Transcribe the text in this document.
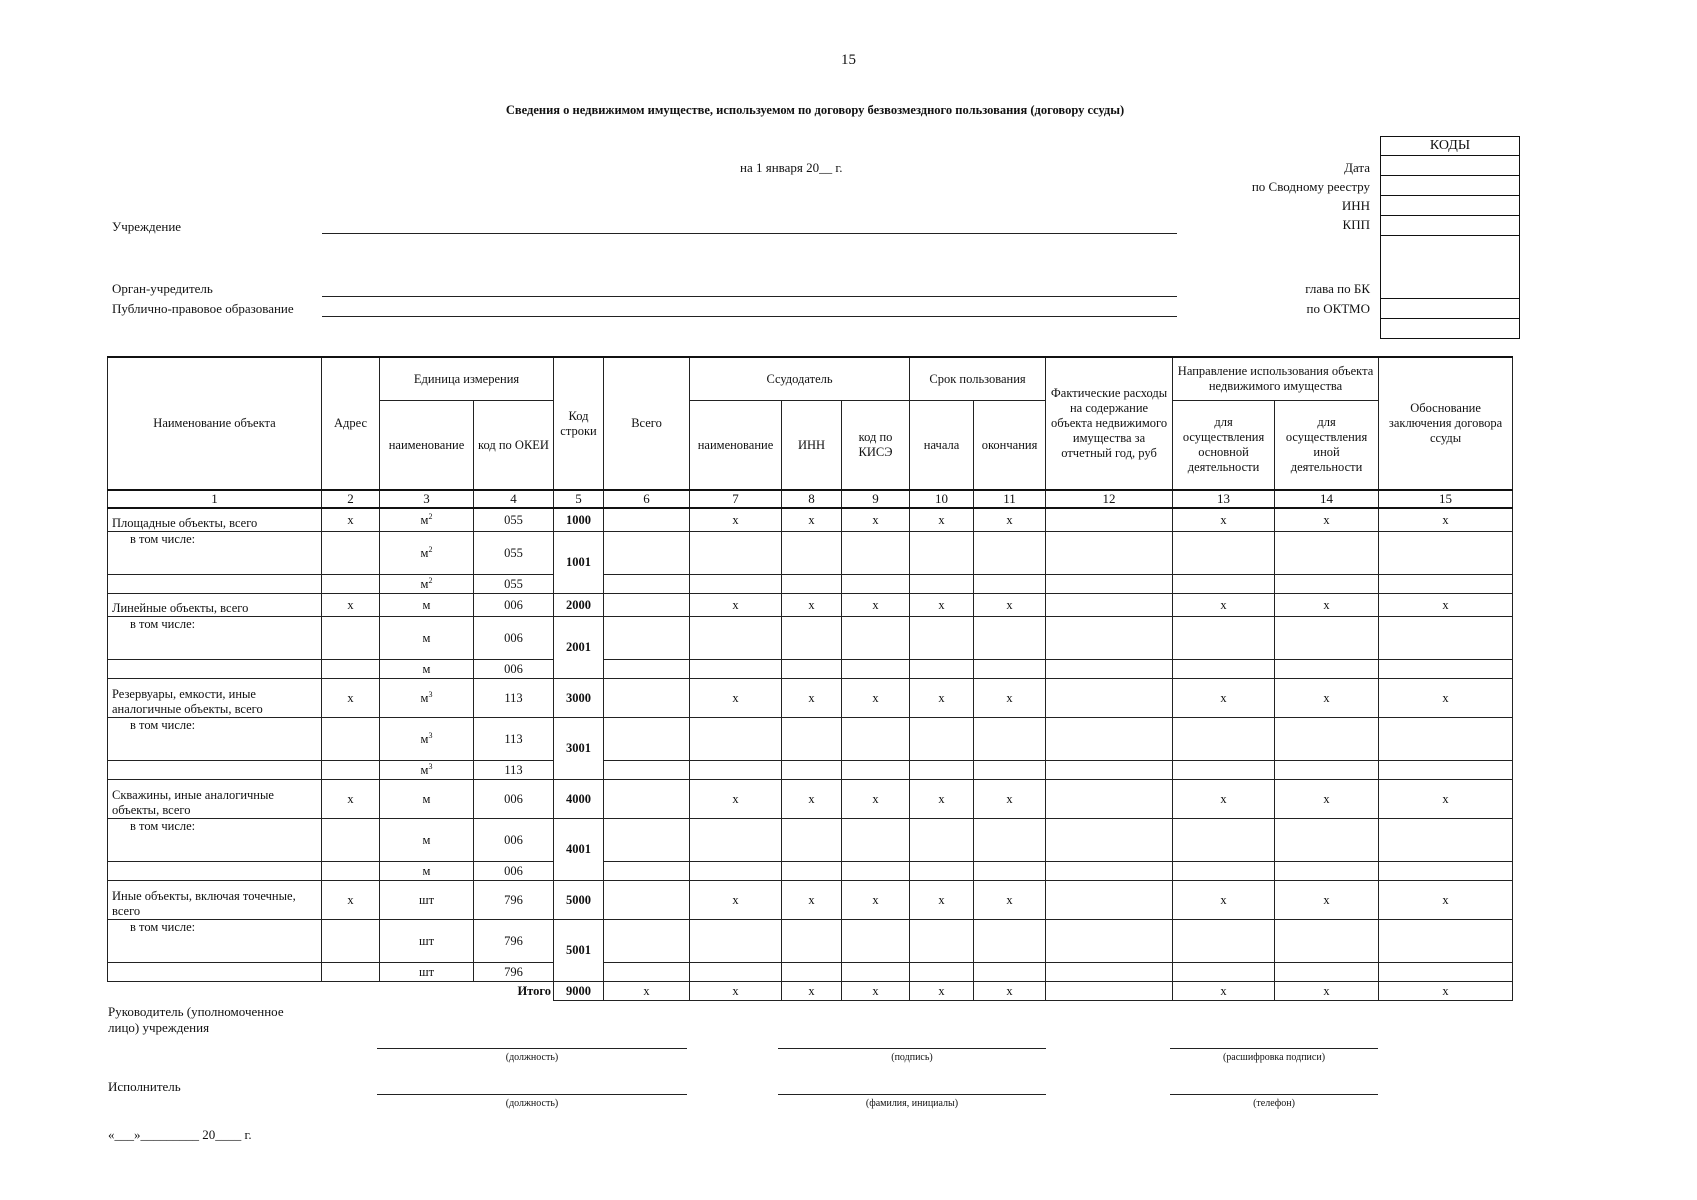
15
Сведения о недвижимом имуществе, используемом по договору безвозмездного пользования (договору ссуды)
на 1 января 20__ г.
Учреждение
Орган-учредитель
Публично-правовое образование
Дата
по Сводному реестру
ИНН
КПП
глава по БК
по ОКТМО
КОДЫ
Наименование объекта	Адрес	Единица измерения		Код строки	Всего	Ссудодатель			Срок пользования		Фактические расходы на содержание объекта недвижимого имущества за отчетный год, руб	Направление использования объекта недвижимого имущества		Обоснование заключения договора ссуды
		наименование	код по ОКЕИ			наименование	ИНН	код по КИСЭ	начала	окончания		для осуществления основной деятельности	для осуществления иной деятельности	
1	2	3	4	5	6	7	8	9	10	11	12	13	14	15
Площадные объекты, всего	x	$м^2$	055	1000		x	x	x	x	x		x	x	x
в том числе:		$м^2$	055	1001										
		$м^2$	055											
Линейные объекты, всего	x	м	006	2000		x	x	x	x	x		x	x	x
в том числе:		м	006	2001										
		м	006											
Резервуары, емкости, иные аналогичные объекты, всего	x	$м^3$	113	3000		x	x	x	x	x		x	x	x
в том числе:		$м^3$	113	3001										
		$м^3$	113											
Скважины, иные аналогичные объекты, всего	x	м	006	4000		x	x	x	x	x		x	x	x
в том числе:		м	006	4001										
		м	006											
Иные объекты, включая точечные, всего	x	шт	796	5000		x	x	x	x	x		x	x	x
в том числе:		шт	796	5001										
		шт	796											
			Итого	9000	x	x	x	x	x	x		x	x	x
Руководитель (уполномоченное лицо) учреждения
(должность)	(подпись)	(расшифровка подписи)
Исполнитель
(должность)	(фамилия, инициалы)	(телефон)
«___»_________ 20____ г.
